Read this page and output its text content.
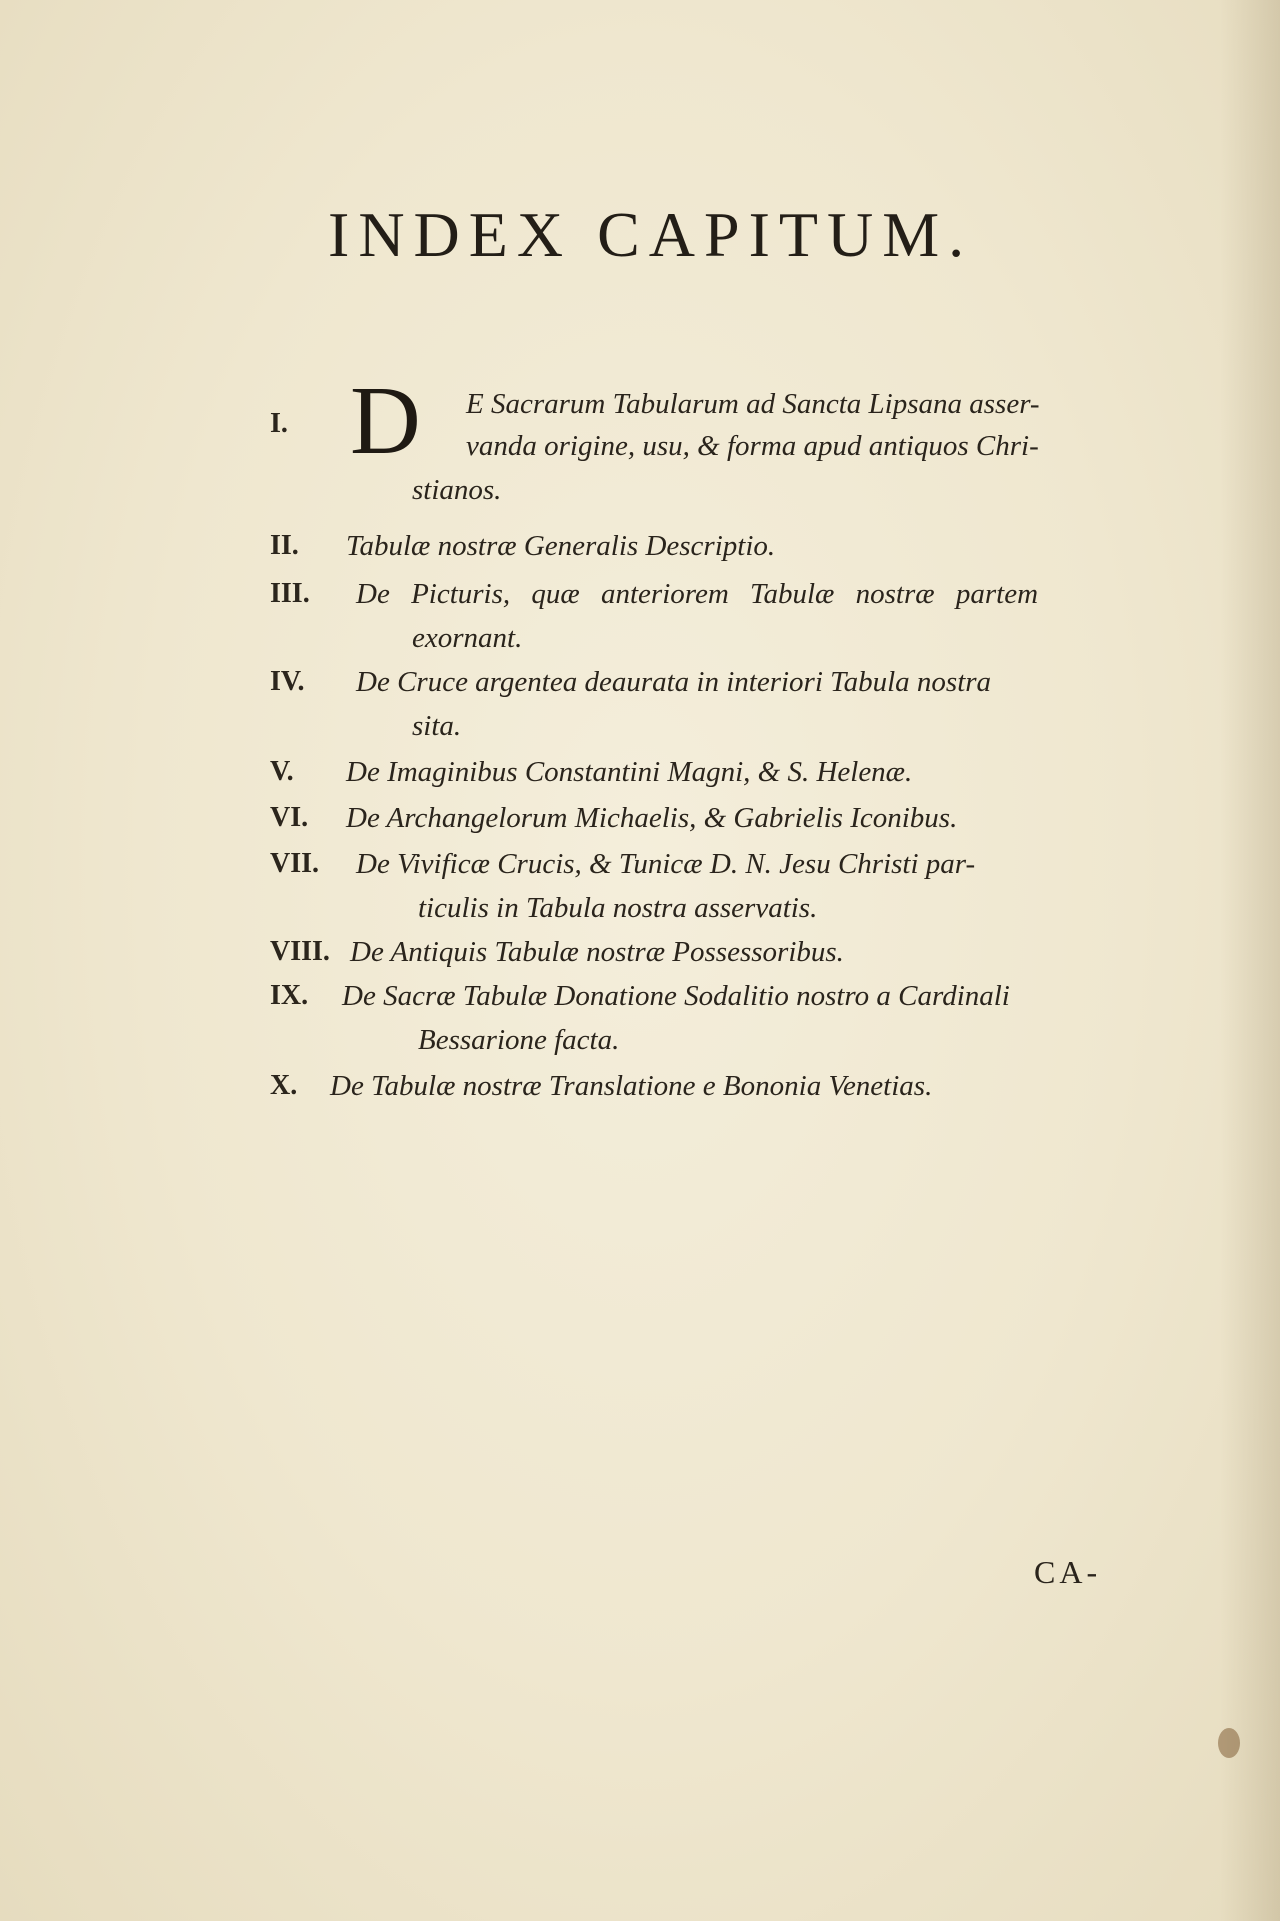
INDEX CAPITUM.
I. D E Sacrarum Tabularum ad Sancta Lipsana asser-
vanda origine, usu, & forma apud antiquos Chri-
stianos.
II. Tabulæ nostræ Generalis Descriptio.
III. De Picturis, quæ anteriorem Tabulæ nostræ partem
exornant.
IV. De Cruce argentea deaurata in interiori Tabula nostra
sita.
V. De Imaginibus Constantini Magni, & S. Helenæ.
VI. De Archangelorum Michaelis, & Gabrielis Iconibus.
VII. De Vivificæ Crucis, & Tunicæ D. N. Jesu Christi par-
ticulis in Tabula nostra asservatis.
VIII. De Antiquis Tabulæ nostræ Possessoribus.
IX. De Sacræ Tabulæ Donatione Sodalitio nostro a Cardinali
Bessarione facta.
X. De Tabulæ nostræ Translatione e Bononia Venetias.
CA-
